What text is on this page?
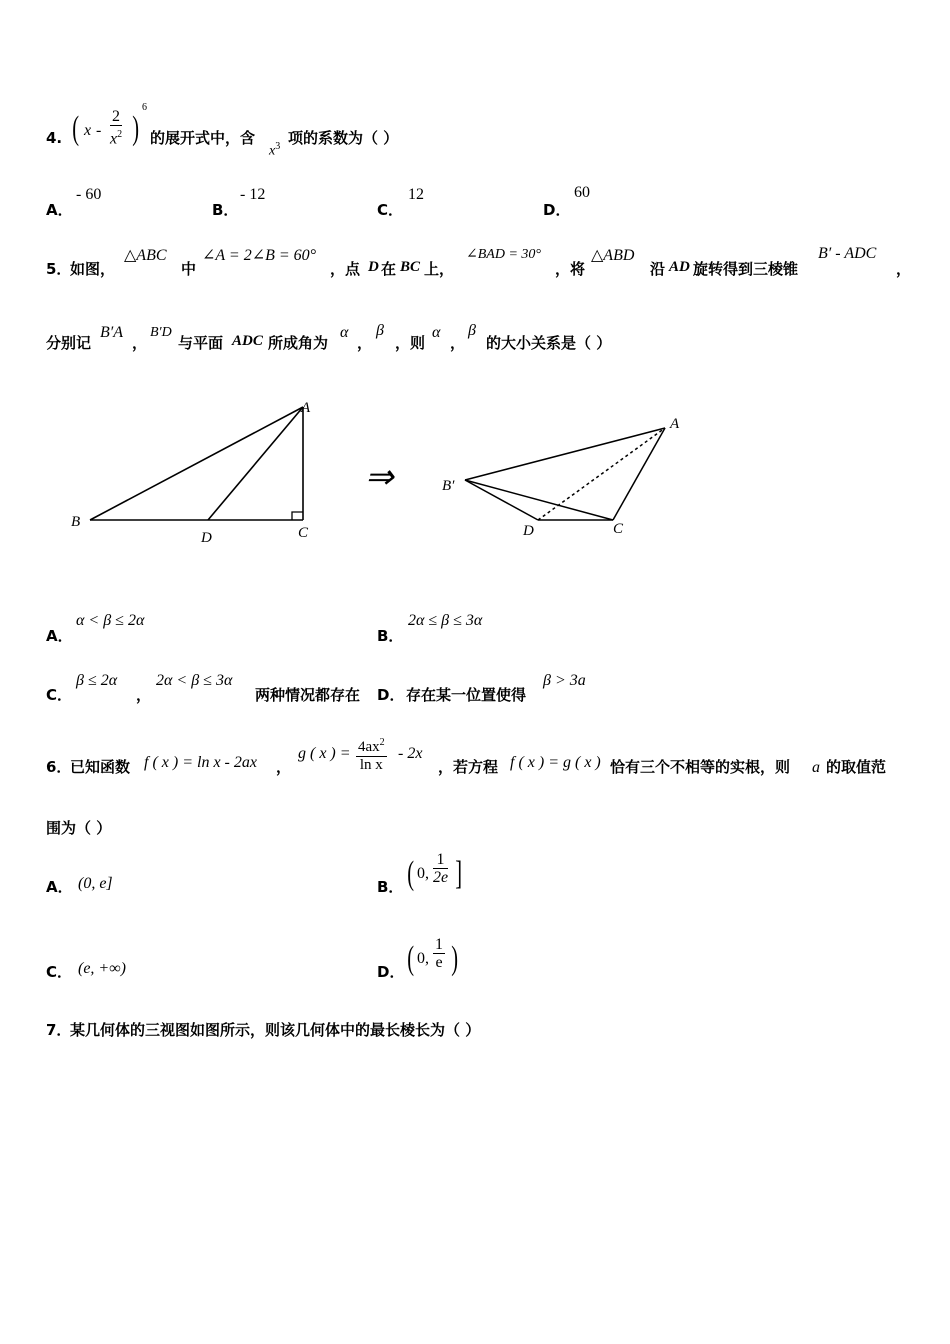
4. ( x - $\frac{2}{x^2}$ )
6
的展开式中，含
$x^3$ 项的系数为（ ）
A．
- 60
B．
- 12
C．
12
D．
60
5．
如图，
△ABC
中
∠A = 2∠B = 60°
，点 D 在 BC 上，
∠BAD = 30°
，将
△ABD
沿 AD 旋转得到三棱锥
B′ - ADC
，
分别记
B′A
，
B′D
与平面 ADC 所成角为
α
，
β
，则
α
，
β
的大小关系是（ ）
A
B
C
D
⇒
A
B′
C
D
A．
α < β ≤ 2α
B．
2α ≤ β ≤ 3α
C．
β ≤ 2α
，
2α < β ≤ 3α
两种情况都存在 D． 存在某一位置使得
β > 3a
6．
已知函数 f ( x ) = ln x - 2ax ，
g ( x ) = $\frac{4ax^2}{\text{ln x}} - 2x$
，若方程 f ( x ) = g ( x ) 恰有三个不相等的实根，则 a 的取值范
围为（ ）
A． (0, e]	B． ( 0, $\frac{1}{2e}$ ]
C． (e, +∞)	D． ( 0, $\frac{1}{e}$ )
7．
某几何体的三视图如图所示，则该几何体中的最长棱长为（ ）
